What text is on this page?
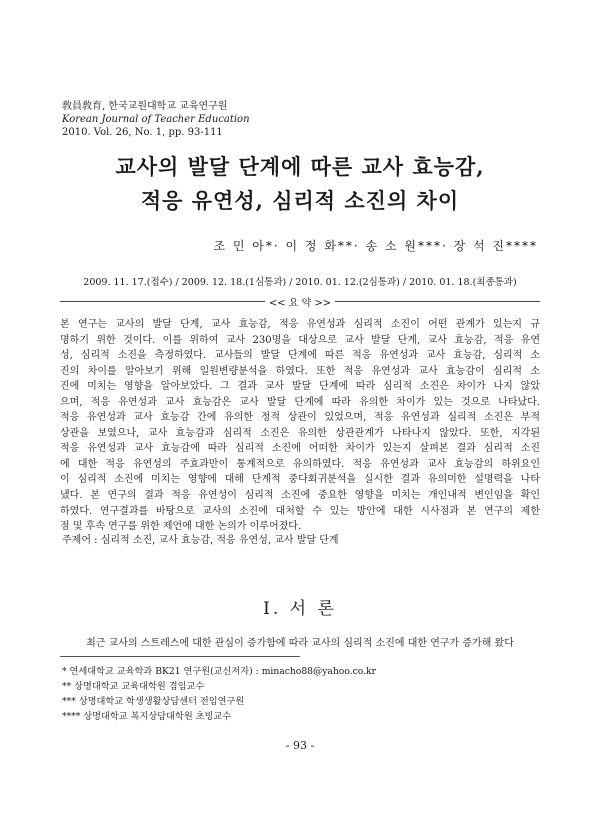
敎員敎育, 한국교원대학교 교육연구원
Korean Journal of Teacher Education
2010. Vol. 26, No. 1, pp. 93-111
교사의 발달 단계에 따른 교사 효능감,
적응 유연성, 심리적 소진의 차이
조 민 아*· 이 정 화**· 송 소 원***· 장 석 진****
2009. 11. 17.(접수) / 2009. 12. 18.(1심통과) / 2010. 01. 12.(2심통과) / 2010. 01. 18.(최종통과)
<< 요 약 >>
본 연구는 교사의 발달 단계, 교사 효능감, 적응 유연성과 심리적 소진이 어떤 관계가 있는지 규
명하기 위한 것이다. 이를 위하여 교사 230명을 대상으로 교사 발달 단계, 교사 효능감, 적응 유연
성, 심리적 소진을 측정하였다. 교사들의 발달 단계에 따른 적응 유연성과 교사 효능감, 심리적 소
진의 차이를 알아보기 위해 일원변량분석을 하였다. 또한 적응 유연성과 교사 효능감이 심리적 소
진에 미치는 영향을 알아보았다. 그 결과 교사 발달 단계에 따라 심리적 소진은 차이가 나지 않았
으며, 적응 유연성과 교사 효능감은 교사 발달 단계에 따라 유의한 차이가 있는 것으로 나타났다.
적응 유연성과 교사 효능감 간에 유의한 정적 상관이 있었으며, 적응 유연성과 심리적 소진은 부적
상관을 보였으나, 교사 효능감과 심리적 소진은 유의한 상관관계가 나타나지 않았다. 또한, 지각된
적응 유연성과 교사 효능감에 따라 심리적 소진에 어떠한 차이가 있는지 살펴본 결과 심리적 소진
에 대한 적응 유연성의 주효과만이 통계적으로 유의하였다. 적응 유연성과 교사 효능감의 하위요인
이 심리적 소진에 미치는 영향에 대해 단계적 중다회귀분석을 실시한 결과 유의미한 설명력을 나타
냈다. 본 연구의 결과 적응 유연성이 심리적 소진에 중요한 영향을 미치는 개인내적 변인임을 확인
하였다. 연구결과를 바탕으로 교사의 소진에 대처할 수 있는 방안에 대한 시사점과 본 연구의 제한
점 및 후속 연구를 위한 제언에 대한 논의가 이루어졌다.
주제어 : 심리적 소진, 교사 효능감, 적응 유연성, 교사 발달 단계
Ⅰ. 서 론
최근 교사의 스트레스에 대한 관심이 증가함에 따라 교사의 심리적 소진에 대한 연구가 증가해 왔다
* 연세대학교 교육학과 BK21 연구원(교신저자) : minacho88@yahoo.co.kr
** 상명대학교 교육대학원 겸임교수
*** 상명대학교 학생생활상담센터 전임연구원
**** 상명대학교 복지상담대학원 초빙교수
- 93 -
